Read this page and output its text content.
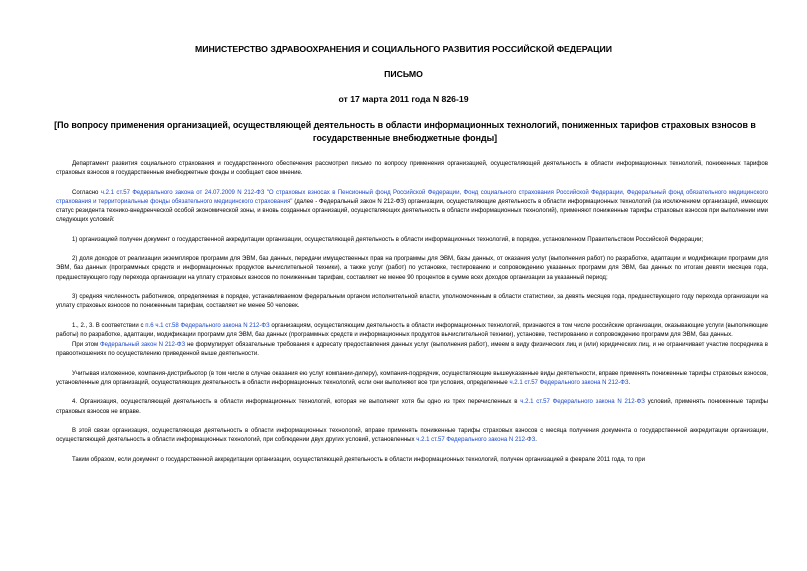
МИНИСТЕРСТВО ЗДРАВООХРАНЕНИЯ И СОЦИАЛЬНОГО РАЗВИТИЯ РОССИЙСКОЙ ФЕДЕРАЦИИ
ПИСЬМО
от 17 марта 2011 года N 826-19
[По вопросу применения организацией, осуществляющей деятельность в области информационных технологий, пониженных тарифов страховых взносов в государственные внебюджетные фонды]

Департамент развития социального страхования и государственного обеспечения рассмотрел письмо по вопросу применения организацией, осуществляющей деятельность в области информационных технологий, пониженных тарифов страховых взносов в государственные внебюджетные фонды и сообщает свое мнение.

Согласно ч.2.1 ст.57 Федерального закона от 24.07.2009 N 212-ФЗ "О страховых взносах в Пенсионный фонд Российской Федерации, Фонд социального страхования Российской Федерации, Федеральный фонд обязательного медицинского страхования и территориальные фонды обязательного медицинского страхования" (далее - Федеральный закон N 212-ФЗ) организации, осуществляющие деятельность в области информационных технологий (за исключением организаций, имеющих статус резидента технико-внедренческой особой экономической зоны, и вновь созданных организаций, осуществляющих деятельность в области информационных технологий), применяют пониженные тарифы страховых взносов при выполнении ими следующих условий:

1) организацией получен документ о государственной аккредитации организации, осуществляющей деятельность в области информационных технологий, в порядке, установленном Правительством Российской Федерации;

2) доля доходов от реализации экземпляров программ для ЭВМ, баз данных, передачи имущественных прав на программы для ЭВМ, базы данных, от оказания услуг (выполнения работ) по разработке, адаптации и модификации программ для ЭВМ, баз данных (программных средств и информационных продуктов вычислительной техники), а также услуг (работ) по установке, тестированию и сопровождению указанных программ для ЭВМ, баз данных по итогам девяти месяцев года, предшествующего году перехода организации на уплату страховых взносов по пониженным тарифам, составляет не менее 90 процентов в сумме всех доходов организации за указанный период;

3) средняя численность работников, определяемая в порядке, устанавливаемом федеральным органом исполнительной власти, уполномоченным в области статистики, за девять месяцев года, предшествующего году перехода организации на уплату страховых взносов по пониженным тарифам, составляет не менее 50 человек.

1., 2., 3. В соответствии с п.6 ч.1 ст.58 Федерального закона N 212-ФЗ организациям, осуществляющим деятельность в области информационных технологий, признаются в том числе российские организации, оказывающие услуги (выполняющие работы) по разработке, адаптации, модификации программ для ЭВМ, баз данных (программных средств и информационных продуктов вычислительной техники), установке, тестированию и сопровождению программ для ЭВМ, баз данных.

При этом Федеральный закон N 212-ФЗ не формулирует обязательные требования к адресату предоставления данных услуг (выполнения работ), имеем в виду физических лиц и (или) юридических лиц, и не ограничивает участие посредника в правоотношениях по осуществлению приведенной выше деятельности.

Учитывая изложенное, компания-дистрибьютор (в том числе в случае оказания ею услуг компании-дилеру), компания-подрядчик, осуществляющие вышеуказанные виды деятельности, вправе применять пониженные тарифы страховых взносов, установленные для организаций, осуществляющих деятельность в области информационных технологий, если они выполняют все три условия, определенные ч.2.1 ст.57 Федерального закона N 212-ФЗ.

4. Организация, осуществляющей деятельность в области информационных технологий, которая не выполняет хотя бы одно из трех перечисленных в ч.2.1 ст.57 Федерального закона N 212-ФЗ условий, применять пониженные тарифы страховых взносов не вправе.

В этой связи организация, осуществляющая деятельность в области информационных технологий, вправе применять пониженные тарифы страховых взносов с месяца получения документа о государственной аккредитации организации, осуществляющей деятельность в области информационных технологий, при соблюдении двух других условий, установленных ч.2.1 ст.57 Федерального закона N 212-ФЗ.

Таким образом, если документ о государственной аккредитации организации, осуществляющей деятельность в области информационных технологий, получен организацией в феврале 2011 года, то при
